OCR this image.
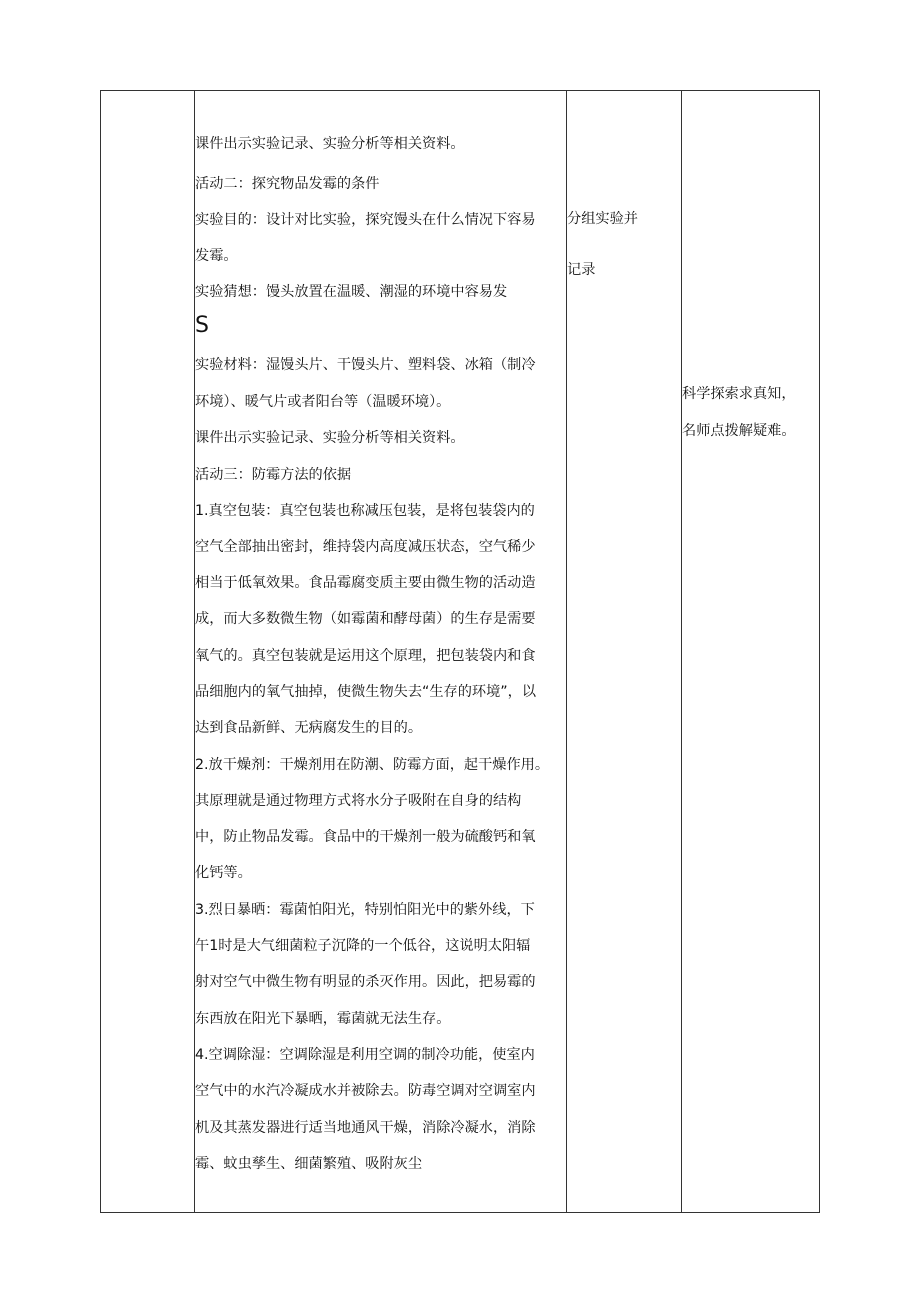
课件出示实验记录、实验分析等相关资料。
活动二：探究物品发霉的条件
实验目的：设计对比实验，探究馒头在什么情况下容易
发霉。
实验猜想：馒头放置在温暖、潮湿的环境中容易发
S
实验材料：湿馒头片、干馒头片、塑料袋、冰箱（制冷
环境）、暖气片或者阳台等（温暖环境）。
课件出示实验记录、实验分析等相关资料。
活动三：防霉方法的依据
1.真空包装：真空包装也称减压包装，是将包装袋内的
空气全部抽出密封，维持袋内高度减压状态，空气稀少
相当于低氧效果。食品霉腐变质主要由微生物的活动造
成，而大多数微生物（如霉菌和酵母菌）的生存是需要
氧气的。真空包装就是运用这个原理，把包装袋内和食
品细胞内的氧气抽掉，使微生物失去“生存的环境”，以
达到食品新鲜、无病腐发生的目的。
2.放干燥剂：干燥剂用在防潮、防霉方面，起干燥作用。
其原理就是通过物理方式将水分子吸附在自身的结构
中，防止物品发霉。食品中的干燥剂一般为硫酸钙和氧
化钙等。
3.烈日暴晒：霉菌怕阳光，特别怕阳光中的紫外线，下
午1时是大气细菌粒子沉降的一个低谷，这说明太阳辐
射对空气中微生物有明显的杀灭作用。因此，把易霉的
东西放在阳光下暴晒，霉菌就无法生存。
4.空调除湿：空调除湿是利用空调的制冷功能，使室内
空气中的水汽冷凝成水并被除去。防毒空调对空调室内
机及其蒸发器进行适当地通风干燥，消除冷凝水，消除
霉、蚊虫孳生、细菌繁殖、吸附灰尘
分组实验并
记录
科学探索求真知，
名师点拨解疑难。
